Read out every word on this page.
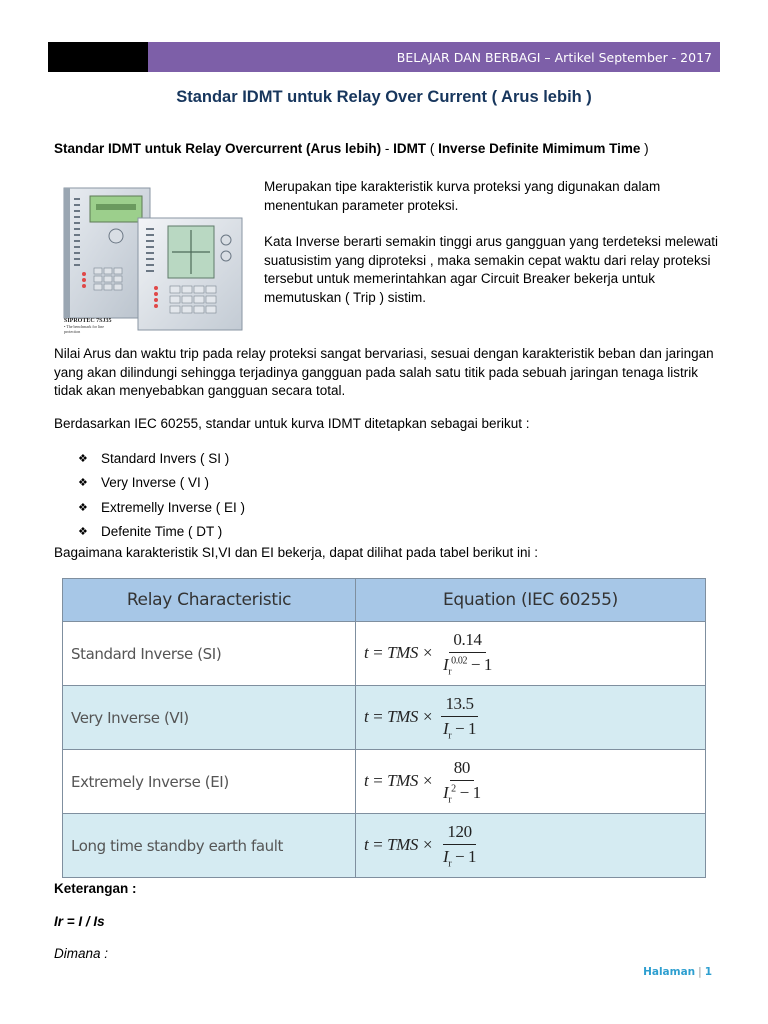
BELAJAR DAN BERBAGI – Artikel September - 2017
Standar IDMT untuk Relay Over Current ( Arus lebih )
Standar IDMT untuk Relay Overcurrent (Arus lebih) - IDMT ( Inverse Definite Mimimum Time )
SIPROTEC 7SJ35
• The benchmark for line
protection

Merupakan tipe karakteristik kurva proteksi yang digunakan dalam menentukan parameter proteksi.

Kata Inverse berarti semakin tinggi arus gangguan yang terdeteksi melewati suatusistim yang diproteksi , maka semakin cepat waktu dari relay proteksi tersebut untuk memerintahkan agar Circuit Breaker bekerja untuk memutuskan ( Trip ) sistim.

Nilai Arus dan waktu trip pada relay proteksi sangat bervariasi, sesuai dengan karakteristik beban dan jaringan yang akan dilindungi sehingga terjadinya gangguan pada salah satu titik pada sebuah jaringan tenaga listrik tidak akan menyebabkan gangguan secara total.

Berdasarkan IEC 60255, standar untuk kurva IDMT ditetapkan sebagai berikut :

❖ Standard Invers ( SI )
❖ Very Inverse ( VI )
❖ Extremelly Inverse ( EI )
❖ Defenite Time ( DT )

Bagaimana karakteristik SI,VI dan EI bekerja, dapat dilihat pada tabel berikut ini :

Relay Characteristic	Equation (IEC 60255)
Standard Inverse (SI)	t = TMS × $\frac{0.14}{I_r^{0.02} - 1}$

Very Inverse (VI)	t = TMS × $\frac{13.5}{I_r - 1}$

Extremely Inverse (EI)	t = TMS × $\frac{80}{I_r^2 - 1}$

Long time standby earth fault	t = TMS × $\frac{120}{I_r - 1}$
Keterangan :
Ir = I / Is
Dimana :
Halaman | 1
